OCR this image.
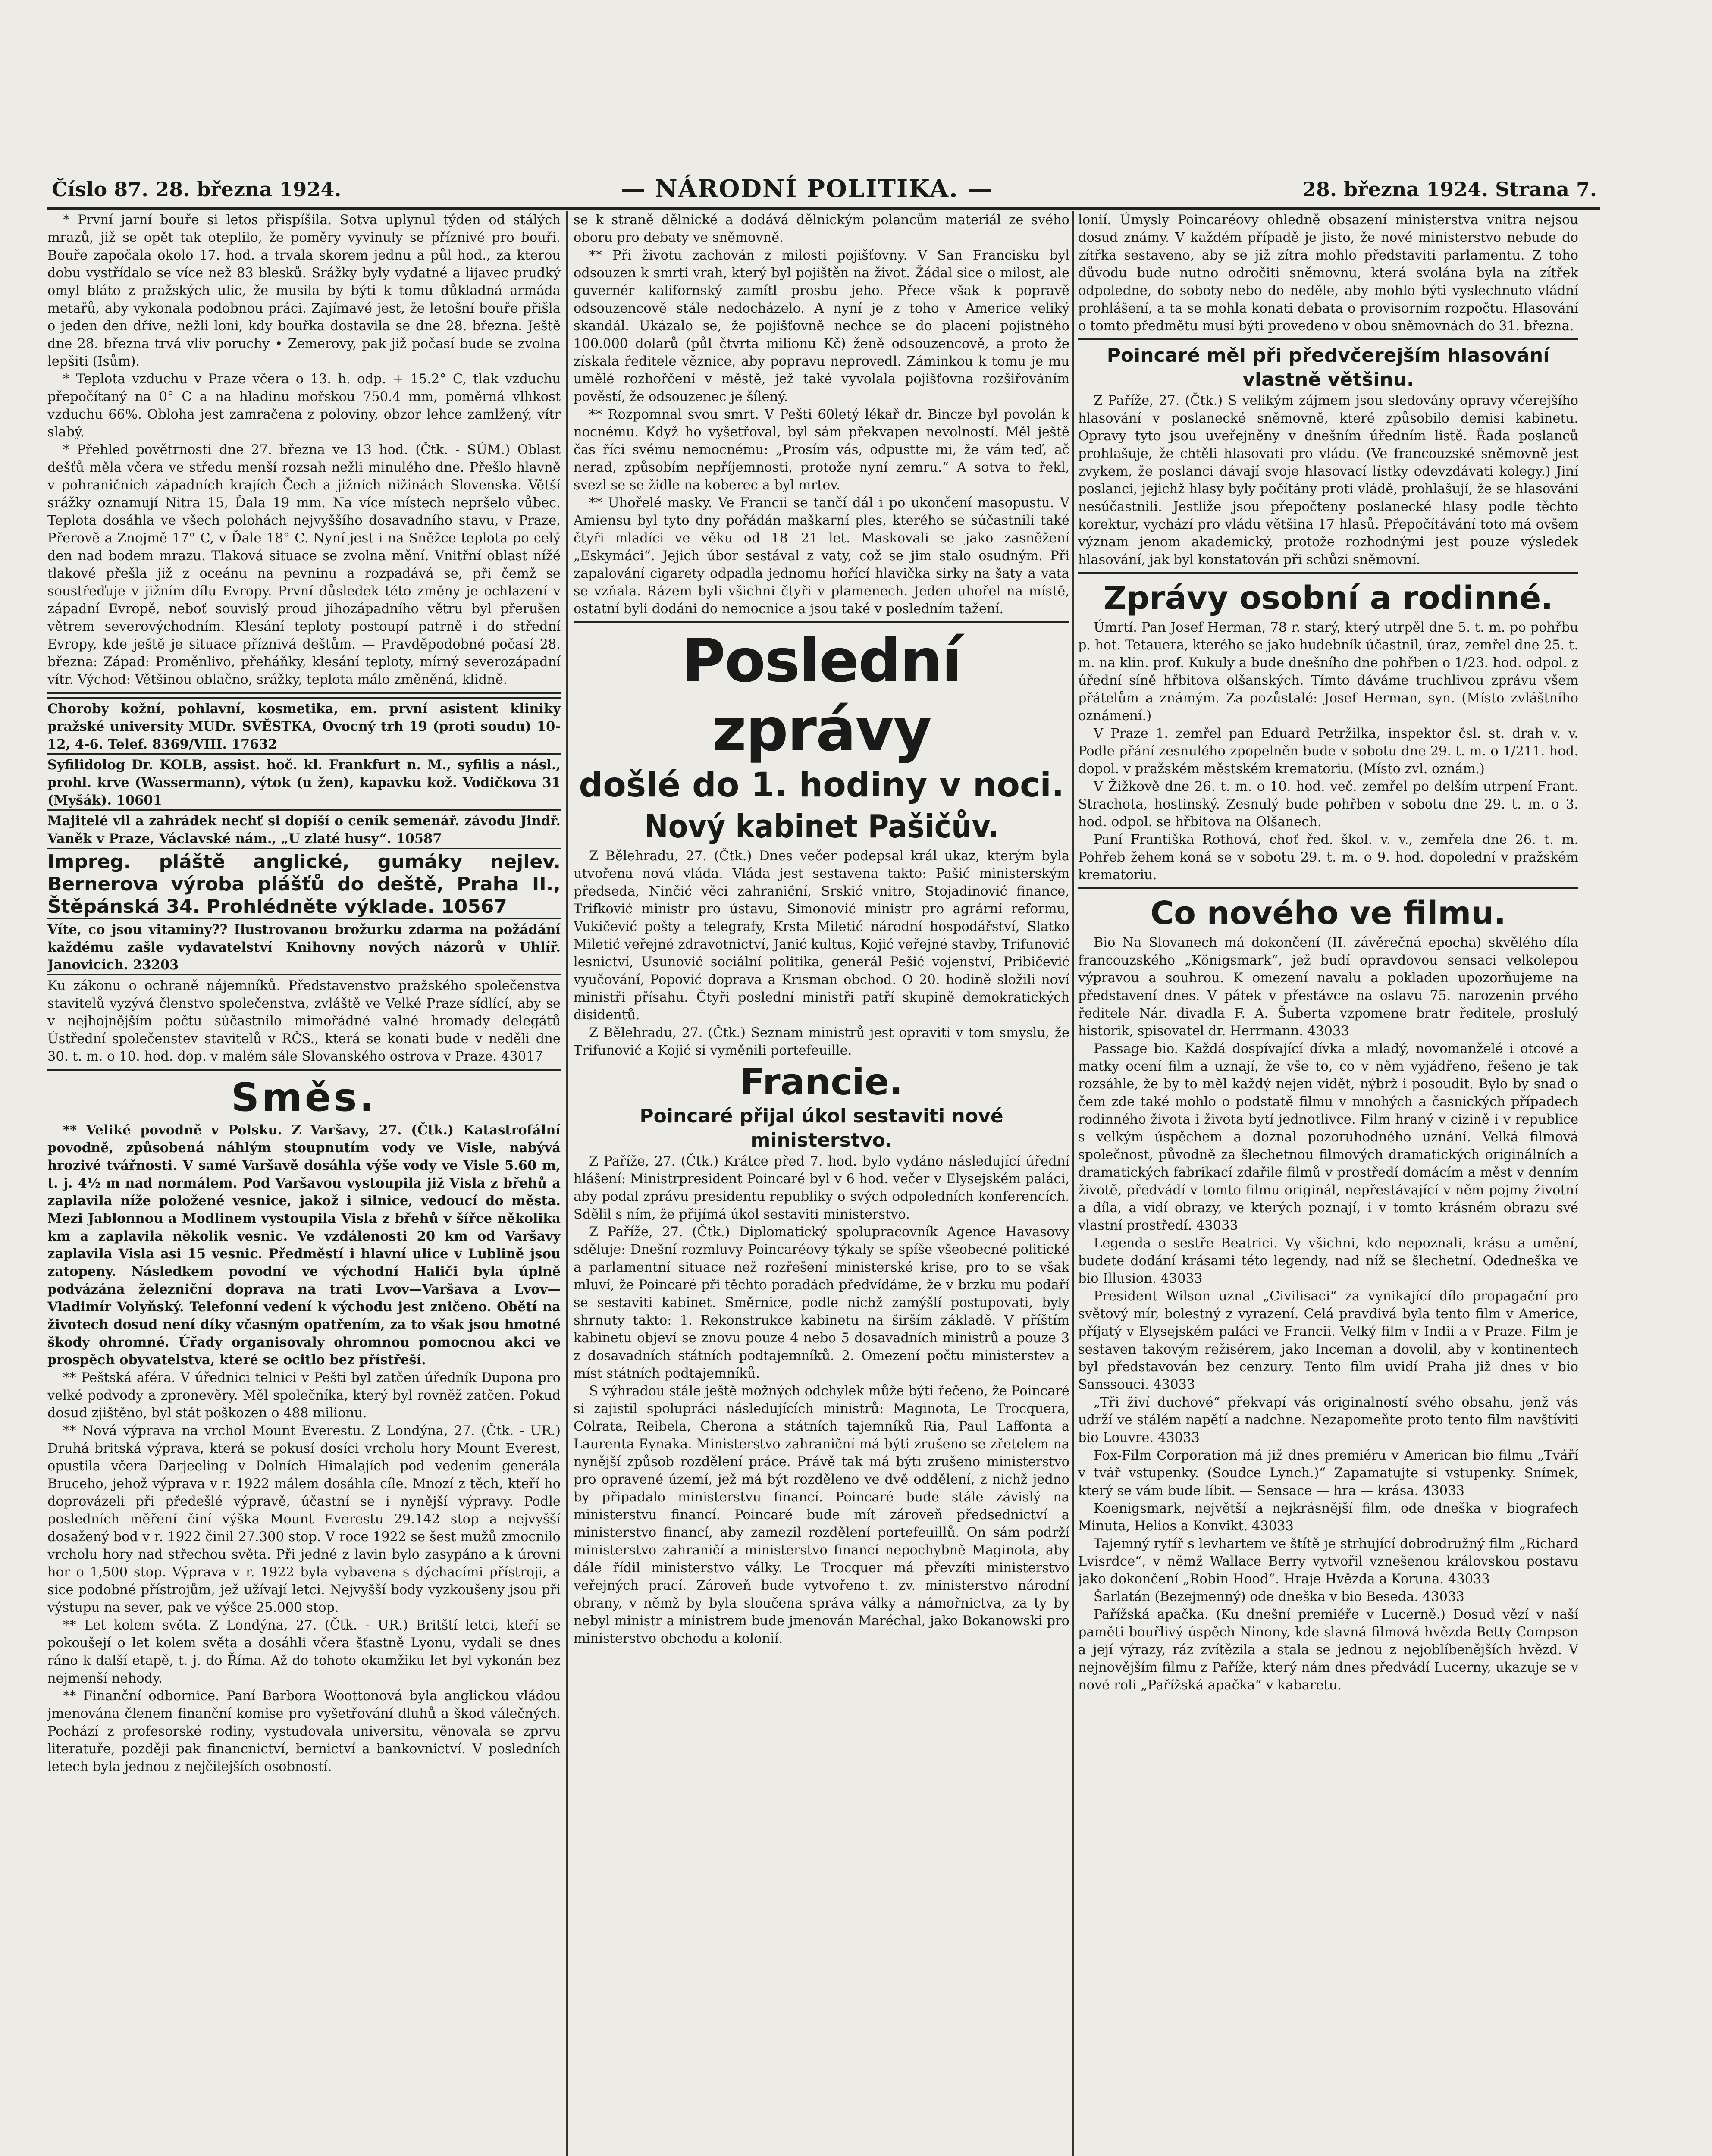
Číslo 87. 28. března 1924.	— NÁRODNÍ POLITIKA. —	28. března 1924. Strana 7.

* První jarní bouře si letos přispíšila. Sotva uplynul týden od stálých mrazů, již se opět tak oteplilo, že poměry vyvinuly se příznivé pro bouři. Bouře započala okolo 17. hod. a trvala skorem jednu a půl hod., za kterou dobu vystřídalo se více než 83 blesků. Srážky byly vydatné a lijavec prudký omyl bláto z pražských ulic, že musila by býti k tomu důkladná armáda metařů, aby vykonala podobnou práci. Zajímavé jest, že letošní bouře přišla o jeden den dříve, nežli loni, kdy bouřka dostavila se dne 28. března. Ještě dne 28. března trvá vliv poruchy • Zemerovy, pak již počasí bude se zvolna lepšiti (Isům).

* Teplota vzduchu v Praze včera o 13. h. odp. + 15.2° C, tlak vzduchu přepočítaný na 0° C a na hladinu mořskou 750.4 mm, poměrná vlhkost vzduchu 66%. Obloha jest zamračena z poloviny, obzor lehce zamlžený, vítr slabý.

* Přehled povětrnosti dne 27. března ve 13 hod. (Čtk. - SÚM.) Oblast dešťů měla včera ve středu menší rozsah nežli minulého dne. Přešlo hlavně v pohraničních západních krajích Čech a jižních nižinách Slovenska. Větší srážky oznamují Nitra 15, Ďala 19 mm. Na více místech nepršelo vůbec. Teplota dosáhla ve všech polohách nejvyššího dosavadního stavu, v Praze, Přerově a Znojmě 17° C, v Ďale 18° C. Nyní jest i na Sněžce teplota po celý den nad bodem mrazu. Tlaková situace se zvolna mění. Vnitřní oblast nížé tlakové přešla již z oceánu na pevninu a rozpadává se, při čemž se soustřeďuje v jižním dílu Evropy. První důsledek této změny je ochlazení v západní Evropě, neboť souvislý proud jihozápadního větru byl přerušen větrem severovýchodním. Klesání teploty postoupí patrně i do střední Evropy, kde ještě je situace příznivá deštům. — Pravděpodobné počasí 28. března: Západ: Proměnlivo, přeháňky, klesání teploty, mírný severozápadní vítr. Východ: Většinou oblačno, srážky, teplota málo změněná, klidně.

Choroby kožní, pohlavní, kosmetika, em. první asistent kliniky pražské university MUDr. SVĚSTKA, Ovocný trh 19 (proti soudu) 10-12, 4-6. Telef. 8369/VIII. 17632

Syfilidolog Dr. KOLB, assist. hoč. kl. Frankfurt n. M., syfilis a násl., prohl. krve (Wassermann), výtok (u žen), kapavku kož. Vodičkova 31 (Myšák). 10601

Majitelé vil a zahrádek nechť si dopíší o ceník semenář. závodu Jindř. Vaněk v Praze, Václavské nám., „U zlaté husy“. 10587

Impreg. pláště anglické, gumáky nejlev. Bernerova výroba plášťů do deště, Praha II., Štěpánská 34. Prohlédněte výklade. 10567

Víte, co jsou vitaminy?? Ilustrovanou brožurku zdarma na požádání každému zašle vydavatelství Knihovny nových názorů v Uhlíř. Janovicích. 23203

Ku zákonu o ochraně nájemníků. Představenstvo pražského společenstva stavitelů vyzývá členstvo společenstva, zvláště ve Velké Praze sídlící, aby se v nejhojnějším počtu súčastnilo mimořádné valné hromady delegátů Ústřední společenstev stavitelů v RČS., která se konati bude v neděli dne 30. t. m. o 10. hod. dop. v malém sále Slovanského ostrova v Praze. 43017

Směs.

** Veliké povodně v Polsku. Z Varšavy, 27. (Čtk.) Katastrofální povodně, způsobená náhlým stoupnutím vody ve Visle, nabývá hrozivé tvářnosti. V samé Varšavě dosáhla výše vody ve Visle 5.60 m, t. j. 4½ m nad normálem. Pod Varšavou vystoupila již Visla z břehů a zaplavila níže položené vesnice, jakož i silnice, vedoucí do města. Mezi Jablonnou a Modlinem vystoupila Visla z břehů v šířce několika km a zaplavila několik vesnic. Ve vzdálenosti 20 km od Varšavy zaplavila Visla asi 15 vesnic. Předměstí i hlavní ulice v Lublině jsou zatopeny. Následkem povodní ve východní Haliči byla úplně podvázána železniční doprava na trati Lvov—Varšava a Lvov—Vladimír Volyňský. Telefonní vedení k východu jest zničeno. Obětí na životech dosud není díky včasným opatřením, za to však jsou hmotné škody ohromné. Úřady organisovaly ohromnou pomocnou akci ve prospěch obyvatelstva, které se ocitlo bez přístřeší.

** Peštská aféra. V úřednici telnici v Pešti byl zatčen úředník Dupona pro velké podvody a zpronevěry. Měl společníka, který byl rovněž zatčen. Pokud dosud zjištěno, byl stát poškozen o 488 milionu.

** Nová výprava na vrchol Mount Everestu. Z Londýna, 27. (Čtk. - UR.) Druhá britská výprava, která se pokusí dosíci vrcholu hory Mount Everest, opustila včera Darjeeling v Dolních Himalajích pod vedením generála Bruceho, jehož výprava v r. 1922 málem dosáhla cíle. Mnozí z těch, kteří ho doprovázeli při předešlé výpravě, účastní se i nynější výpravy. Podle posledních měření činí výška Mount Everestu 29.142 stop a nejvyšší dosažený bod v r. 1922 činil 27.300 stop. V roce 1922 se šest mužů zmocnilo vrcholu hory nad střechou světa. Při jedné z lavin bylo zasypáno a k úrovni hor o 1,500 stop. Výprava v r. 1922 byla vybavena s dýchacími přístroji, a sice podobné přístrojům, jež užívají letci. Nejvyšší body vyzkoušeny jsou při výstupu na sever, pak ve výšce 25.000 stop.

** Let kolem světa. Z Londýna, 27. (Čtk. - UR.) Britští letci, kteří se pokoušejí o let kolem světa a dosáhli včera šťastně Lyonu, vydali se dnes ráno k další etapě, t. j. do Říma. Až do tohoto okamžiku let byl vykonán bez nejmenší nehody.

** Finanční odbornice. Paní Barbora Woottonová byla anglickou vládou jmenována členem finanční komise pro vyšetřování dluhů a škod válečných. Pochází z profesorské rodiny, vystudovala universitu, věnovala se zprvu literatuře, později pak financnictví, bernictví a bankovnictví. V posledních letech byla jednou z nejčilejších osobností.

se k straně dělnické a dodává dělnickým polancům materiál ze svého oboru pro debaty ve sněmovně.

** Při životu zachován z milosti pojišťovny. V San Francisku byl odsouzen k smrti vrah, který byl pojištěn na život. Žádal sice o milost, ale guvernér kalifornský zamítl prosbu jeho. Přece však k popravě odsouzencově stále nedocházelo. A nyní je z toho v Americe veliký skandál. Ukázalo se, že pojišťovně nechce se do placení pojistného 100.000 dolarů (půl čtvrta milionu Kč) ženě odsouzencově, a proto že získala ředitele věznice, aby popravu neprovedl. Záminkou k tomu je mu umělé rozhořčení v městě, jež také vyvolala pojišťovna rozšiřováním pověstí, že odsouzenec je šílený.

** Rozpomnal svou smrt. V Pešti 60letý lékař dr. Bincze byl povolán k nocnému. Když ho vyšetřoval, byl sám překvapen nevolností. Měl ještě čas říci svému nemocnému: „Prosím vás, odpustte mi, že vám teď, ač nerad, způsobím nepříjemnosti, protože nyní zemru.“ A sotva to řekl, svezl se se židle na koberec a byl mrtev.

** Uhořelé masky. Ve Francii se tančí dál i po ukončení masopustu. V Amiensu byl tyto dny pořádán maškarní ples, kterého se súčastnili také čtyři mladíci ve věku od 18—21 let. Maskovali se jako zasněžení „Eskymáci“. Jejich úbor sestával z vaty, což se jim stalo osudným. Při zapalování cigarety odpadla jednomu hořící hlavička sirky na šaty a vata se vzňala. Rázem byli všichni čtyři v plamenech. Jeden uhořel na místě, ostatní byli dodáni do nemocnice a jsou také v posledním tažení.

Poslední zprávy

došlé do 1. hodiny v noci.

Nový kabinet Pašičův.

Z Bělehradu, 27. (Čtk.) Dnes večer podepsal král ukaz, kterým byla utvořena nová vláda. Vláda jest sestavena takto: Pašić ministerským předseda, Ninčić věci zahraniční, Srskić vnitro, Stojadinović finance, Trifković ministr pro ústavu, Simonović ministr pro agrární reformu, Vukičević pošty a telegrafy, Krsta Miletić národní hospodářství, Slatko Miletić veřejné zdravotnictví, Janić kultus, Kojić veřejné stavby, Trifunović lesnictví, Usunović sociální politika, generál Pešić vojenství, Pribičević vyučování, Popović doprava a Krisman obchod. O 20. hodině složili noví ministři přísahu. Čtyři poslední ministři patří skupině demokratických disidentů.

Z Bělehradu, 27. (Čtk.) Seznam ministrů jest opraviti v tom smyslu, že Trifunović a Kojić si vyměnili portefeuille.

Francie.

Poincaré přijal úkol sestaviti nové ministerstvo.

Z Paříže, 27. (Čtk.) Krátce před 7. hod. bylo vydáno následující úřední hlášení: Ministrpresident Poincaré byl v 6 hod. večer v Elysejském paláci, aby podal zprávu presidentu republiky o svých odpoledních konferencích. Sdělil s ním, že přijímá úkol sestaviti ministerstvo.

Z Paříže, 27. (Čtk.) Diplomatický spolupracovník Agence Havasovy sděluje: Dnešní rozmluvy Poincaréovy týkaly se spíše všeobecné politické a parlamentní situace než rozřešení ministerské krise, pro to se však mluví, že Poincaré při těchto poradách předvídáme, že v brzku mu podaří se sestaviti kabinet. Směrnice, podle nichž zamýšlí postupovati, byly shrnuty takto: 1. Rekonstrukce kabinetu na širším základě. V příštím kabinetu objeví se znovu pouze 4 nebo 5 dosavadních ministrů a pouze 3 z dosavadních státních podtajemníků. 2. Omezení počtu ministerstev a míst státních podtajemníků.

S výhradou stále ještě možných odchylek může býti řečeno, že Poincaré si zajistil spolupráci následujících ministrů: Maginota, Le Trocquera, Colrata, Reibela, Cherona a státních tajemníků Ria, Paul Laffonta a Laurenta Eynaka. Ministerstvo zahraniční má býti zrušeno se zřetelem na nynější způsob rozdělení práce. Právě tak má býti zrušeno ministerstvo pro opravené území, jež má být rozděleno ve dvě oddělení, z nichž jedno by připadalo ministerstvu financí. Poincaré bude stále závislý na ministerstvu financí. Poincaré bude mít zároveň předsednictví a ministerstvo financí, aby zamezil rozdělení portefeuillů. On sám podrží ministerstvo zahraničí a ministerstvo financí nepochybně Maginota, aby dále řídil ministerstvo války. Le Trocquer má převzíti ministerstvo veřejných prací. Zároveň bude vytvořeno t. zv. ministerstvo národní obrany, v němž by byla sloučena správa války a námořnictva, za ty by nebyl ministr a ministrem bude jmenován Maréchal, jako Bokanowski pro ministerstvo obchodu a kolonií.

lonií. Úmysly Poincaréovy ohledně obsazení ministerstva vnitra nejsou dosud známy. V každém případě je jisto, že nové ministerstvo nebude do zítřka sestaveno, aby se již zítra mohlo představiti parlamentu. Z toho důvodu bude nutno odročiti sněmovnu, která svolána byla na zítřek odpoledne, do soboty nebo do neděle, aby mohlo býti vyslechnuto vládní prohlášení, a ta se mohla konati debata o provisorním rozpočtu. Hlasování o tomto předmětu musí býti provedeno v obou sněmovnách do 31. března.

Poincaré měl při předvčerejším hlasování vlastně většinu.

Z Paříže, 27. (Čtk.) S velikým zájmem jsou sledovány opravy včerejšího hlasování v poslanecké sněmovně, které způsobilo demisi kabinetu. Opravy tyto jsou uveřejněny v dnešním úředním listě. Řada poslanců prohlašuje, že chtěli hlasovati pro vládu. (Ve francouzské sněmovně jest zvykem, že poslanci dávají svoje hlasovací lístky odevzdávati kolegy.) Jiní poslanci, jejichž hlasy byly počítány proti vládě, prohlašují, že se hlasování nesúčastnili. Jestliže jsou přepočteny poslanecké hlasy podle těchto korektur, vychází pro vládu většina 17 hlasů. Přepočítávání toto má ovšem význam jenom akademický, protože rozhodnými jest pouze výsledek hlasování, jak byl konstatován při schůzi sněmovní.

Zprávy osobní a rodinné.

Úmrtí. Pan Josef Herman, 78 r. starý, který utrpěl dne 5. t. m. po pohřbu p. hot. Tetauera, kterého se jako hudebník účastnil, úraz, zemřel dne 25. t. m. na klin. prof. Kukuly a bude dnešního dne pohřben o 1/23. hod. odpol. z úřední síně hřbitova olšanských. Tímto dáváme truchlivou zprávu všem přátelům a známým. Za pozůstalé: Josef Herman, syn. (Místo zvláštního oznámení.)

V Praze 1. zemřel pan Eduard Petržilka, inspektor čsl. st. drah v. v. Podle přání zesnulého zpopelněn bude v sobotu dne 29. t. m. o 1/211. hod. dopol. v pražském městském krematoriu. (Místo zvl. oznám.)

V Žižkově dne 26. t. m. o 10. hod. več. zemřel po delším utrpení Frant. Strachota, hostinský. Zesnulý bude pohřben v sobotu dne 29. t. m. o 3. hod. odpol. se hřbitova na Olšanech.

Paní Františka Rothová, choť řed. škol. v. v., zemřela dne 26. t. m. Pohřeb žehem koná se v sobotu 29. t. m. o 9. hod. dopolední v pražském krematoriu.

Co nového ve filmu.

Bio Na Slovanech má dokončení (II. závěrečná epocha) skvělého díla francouzského „Königsmark“, jež budí opravdovou sensaci velkolepou výpravou a souhrou. K omezení navalu a pokladen upozorňujeme na představení dnes. V pátek v přestávce na oslavu 75. narozenin prvého ředitele Nár. divadla F. A. Šuberta vzpomene bratr ředitele, proslulý historik, spisovatel dr. Herrmann. 43033

Passage bio. Každá dospívající dívka a mladý, novomanželé i otcové a matky ocení film a uznají, že vše to, co v něm vyjádřeno, řešeno je tak rozsáhle, že by to měl každý nejen vidět, nýbrž i posoudit. Bylo by snad o čem zde také mohlo o podstatě filmu v mnohých a časnických případech rodinného života i života bytí jednotlivce. Film hraný v cizině i v republice s velkým úspěchem a doznal pozoruhodného uznání. Velká filmová společnost, původně za šlechetnou filmových dramatických originálních a dramatických fabrikací zdařile filmů v prostředí domácím a měst v denním životě, předvádí v tomto filmu originál, nepřestávající v něm pojmy životní a díla, a vidí obrazy, ve kterých poznají, i v tomto krásném obrazu své vlastní prostředí. 43033

Legenda o sestře Beatrici. Vy všichni, kdo nepoznali, krásu a umění, budete dodání krásami této legendy, nad níž se šlechetní. Odedneška ve bio Illusion. 43033

President Wilson uznal „Civilisaci“ za vynikající dílo propagační pro světový mír, bolestný z vyrazení. Celá pravdivá byla tento film v Americe, příjatý v Elysejském paláci ve Francii. Velký film v Indii a v Praze. Film je sestaven takovým režisérem, jako Inceman a dovolil, aby v kontinentech byl představován bez cenzury. Tento film uvidí Praha již dnes v bio Sanssouci. 43033

„Tři živí duchové“ překvapí vás originalností svého obsahu, jenž vás udrží ve stálém napětí a nadchne. Nezapomeňte proto tento film navštíviti bio Louvre. 43033

Fox-Film Corporation má již dnes premiéru v American bio filmu „Tváří v tvář vstupenky. (Soudce Lynch.)“ Zapamatujte si vstupenky. Snímek, který se vám bude líbit. — Sensace — hra — krása. 43033

Koenigsmark, největší a nejkrásnější film, ode dneška v biografech Minuta, Helios a Konvikt. 43033

Tajemný rytíř s levhartem ve štítě je strhující dobrodružný film „Richard Lvisrdce“, v němž Wallace Berry vytvořil vznešenou královskou postavu jako dokončení „Robin Hood“. Hraje Hvězda a Koruna. 43033

Šarlatán (Bezejmenný) ode dneška v bio Beseda. 43033

Pařížská apačka. (Ku dnešní premiéře v Lucerně.) Dosud vězí v naší paměti bouřlivý úspěch Ninony, kde slavná filmová hvězda Betty Compson a její výrazy, ráz zvítězila a stala se jednou z nejoblíbenějších hvězd. V nejnovějším filmu z Paříže, který nám dnes předvádí Lucerny, ukazuje se v nové roli „Pařížská apačka“ v kabaretu.
